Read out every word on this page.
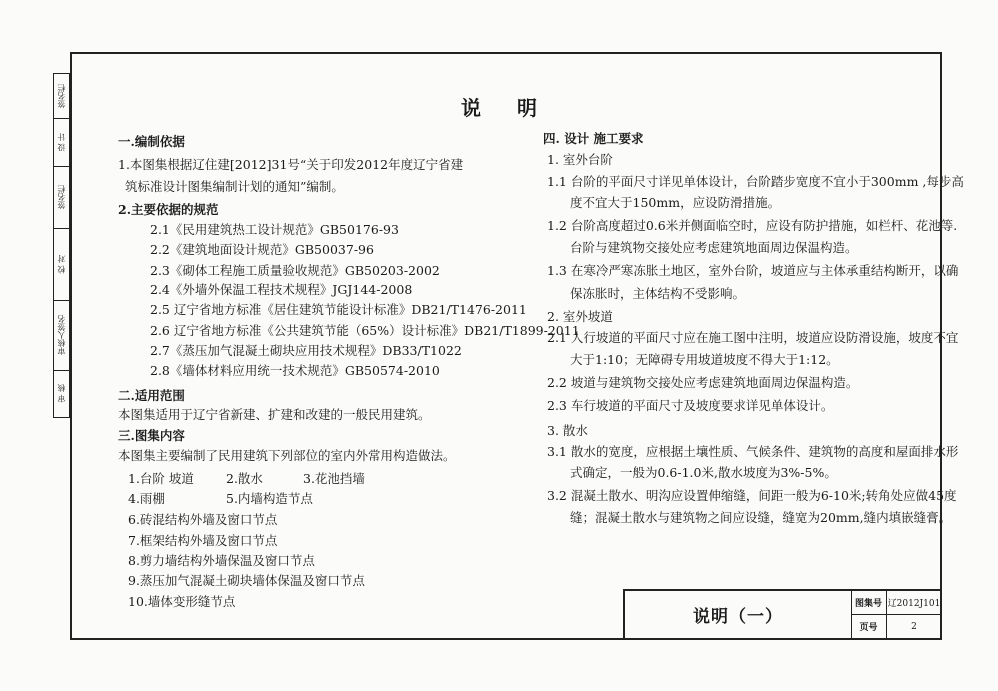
签名栏
设 计
签名栏
校 对
审核人签名
审 核
说明
一.编制依据
1.本图集根据辽住建[2012]31号“关于印发2012年度辽宁省建
筑标准设计图集编制计划的通知”编制。
2.主要依据的规范
2.1《民用建筑热工设计规范》GB50176-93
2.2《建筑地面设计规范》GB50037-96
2.3《砌体工程施工质量验收规范》GB50203-2002
2.4《外墙外保温工程技术规程》JGJ144-2008
2.5 辽宁省地方标准《居住建筑节能设计标准》DB21/T1476-2011
2.6 辽宁省地方标准《公共建筑节能（65%）设计标准》DB21/T1899-2011
2.7《蒸压加气混凝土砌块应用技术规程》DB33/T1022
2.8《墙体材料应用统一技术规范》GB50574-2010
二.适用范围
本图集适用于辽宁省新建、扩建和改建的一般民用建筑。
三.图集内容
本图集主要编制了民用建筑下列部位的室内外常用构造做法。
1.台阶 坡道	2.散水	3.花池挡墙
4.雨棚	5.内墙构造节点
6.砖混结构外墙及窗口节点
7.框架结构外墙及窗口节点
8.剪力墙结构外墙保温及窗口节点
9.蒸压加气混凝土砌块墙体保温及窗口节点
10.墙体变形缝节点
四. 设计 施工要求
1. 室外台阶
1.1 台阶的平面尺寸详见单体设计，台阶踏步宽度不宜小于300mm ,每步高
度不宜大于150mm，应设防滑措施。
1.2 台阶高度超过0.6米并侧面临空时，应设有防护措施，如栏杆、花池等.
台阶与建筑物交接处应考虑建筑地面周边保温构造。
1.3 在寒冷严寒冻胀土地区，室外台阶，坡道应与主体承重结构断开，以确
保冻胀时，主体结构不受影响。
2. 室外坡道
2.1 人行坡道的平面尺寸应在施工图中注明，坡道应设防滑设施，坡度不宜
大于1:10；无障碍专用坡道坡度不得大于1:12。
2.2 坡道与建筑物交接处应考虑建筑地面周边保温构造。
2.3 车行坡道的平面尺寸及坡度要求详见单体设计。
3. 散水
3.1 散水的宽度，应根据土壤性质、气候条件、建筑物的高度和屋面排水形
式确定，一般为0.6-1.0米,散水坡度为3%-5%。
3.2 混凝土散水、明沟应设置伸缩缝，间距一般为6-10米;转角处应做45度
缝；混凝土散水与建筑物之间应设缝，缝宽为20mm,缝内填嵌缝膏。
说明（一）
图集号 辽2012J101
页号	2
